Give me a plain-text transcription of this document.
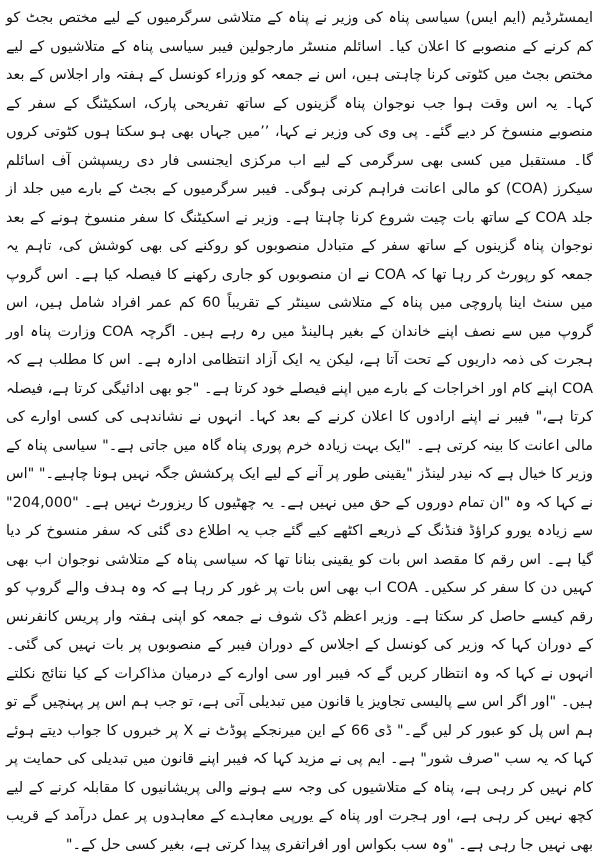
ایمسٹرڈیم (ایم ایس) سیاسی پناہ کی وزیر نے پناہ کے متلاشی سرگرمیوں کے لیے مختص بجٹ کو کم کرنے کے منصوبے کا اعلان کیا۔ اسائلم منسٹر مارجولین فیبر سیاسی پناہ کے متلاشیوں کے لیے مختص بجٹ میں کٹوتی کرنا چاہتی ہیں، اس نے جمعہ کو وزراء کونسل کے ہفتہ وار اجلاس کے بعد کہا۔ یہ اس وقت ہوا جب نوجوان پناہ گزینوں کے ساتھ تفریحی پارک، اسکیٹنگ کے سفر کے منصوبے منسوخ کر دیے گئے۔ پی وی کی وزیر نے کہا، ’’میں جہاں بھی ہو سکتا ہوں کٹوتی کروں گا۔ مستقبل میں کسی بھی سرگرمی کے لیے اب مرکزی ایجنسی فار دی ریسپشن آف اسائلم سیکرز (COA) کو مالی اعانت فراہم کرنی ہوگی۔ فیبر سرگرمیوں کے بجٹ کے بارے میں جلد از جلد COA کے ساتھ بات چیت شروع کرنا چاہتا ہے۔ وزیر نے اسکیٹنگ کا سفر منسوخ ہونے کے بعد نوجوان پناہ گزینوں کے ساتھ سفر کے متبادل منصوبوں کو روکنے کی بھی کوشش کی، تاہم یہ جمعہ کو رپورٹ کر رہا تھا کہ COA نے ان منصوبوں کو جاری رکھنے کا فیصلہ کیا ہے۔ اس گروپ میں سنٹ اینا پاروچی میں پناہ کے متلاشی سینٹر کے تقریباً 60 کم عمر افراد شامل ہیں، اس گروپ میں سے نصف اپنے خاندان کے بغیر ہالینڈ میں رہ رہے ہیں۔ اگرچہ COA وزارت پناہ اور ہجرت کی ذمہ داریوں کے تحت آتا ہے، لیکن یہ ایک آزاد انتظامی ادارہ ہے۔ اس کا مطلب ہے کہ COA اپنے کام اور اخراجات کے بارے میں اپنے فیصلے خود کرتا ہے۔ "جو بھی ادائیگی کرتا ہے، فیصلہ کرتا ہے،" فیبر نے اپنے ارادوں کا اعلان کرنے کے بعد کہا۔ انہوں نے نشاندہی کی کسی اوارے کی مالی اعانت کا بینہ کرتی ہے۔ "ایک بہت زیادہ خرم پوری پناہ گاہ میں جاتی ہے۔" سیاسی پناہ کے وزیر کا خیال ہے کہ نیدر لینڈز "یقینی طور پر آنے کے لیے ایک پرکشش جگہ نہیں ہونا چاہیے۔" "اس نے کہا کہ وہ "ان تمام دوروں کے حق میں نہیں ہے۔ یہ چھٹیوں کا ریزورٹ نہیں ہے۔ "204,000" سے زیادہ یورو کراؤڈ فنڈنگ کے ذریعے اکٹھے کیے گئے جب یہ اطلاع دی گئی کہ سفر منسوخ کر دیا گیا ہے۔ اس رقم کا مقصد اس بات کو یقینی بنانا تھا کہ سیاسی پناہ کے متلاشی نوجوان اب بھی کہیں دن کا سفر کر سکیں۔ COA اب بھی اس بات پر غور کر رہا ہے کہ وہ ہدف والے گروپ کو رقم کیسے حاصل کر سکتا ہے۔ وزیر اعظم ڈک شوف نے جمعہ کو اپنی ہفتہ وار پریس کانفرنس کے دوران کہا کہ وزیر کی کونسل کے اجلاس کے دوران فیبر کے منصوبوں پر بات نہیں کی گئی۔ انہوں نے کہا کہ وہ انتظار کریں گے کہ فیبر اور سی اوارے کے درمیان مذاکرات کے کیا نتائج نکلتے ہیں۔ "اور اگر اس سے پالیسی تجاویز یا قانون میں تبدیلی آتی ہے، تو جب ہم اس پر پہنچیں گے تو ہم اس پل کو عبور کر لیں گے۔" ڈی 66 کے این میرنجکے پوڈٹ نے X پر خبروں کا جواب دیتے ہوئے کہا کہ یہ سب "صرف شور" ہے۔ ایم پی نے مزید کہا کہ فیبر اپنے قانون میں تبدیلی کی حمایت پر کام نہیں کر رہی ہے، پناہ کے متلاشیوں کی وجہ سے ہونے والی پریشانیوں کا مقابلہ کرنے کے لیے کچھ نہیں کر رہی ہے، اور ہجرت اور پناہ کے یورپی معاہدے کے معاہدوں پر عمل درآمد کے قریب بھی نہیں جا رہی ہے۔ "وہ سب بکواس اور افراتفری پیدا کرتی ہے، بغیر کسی حل کے۔"
